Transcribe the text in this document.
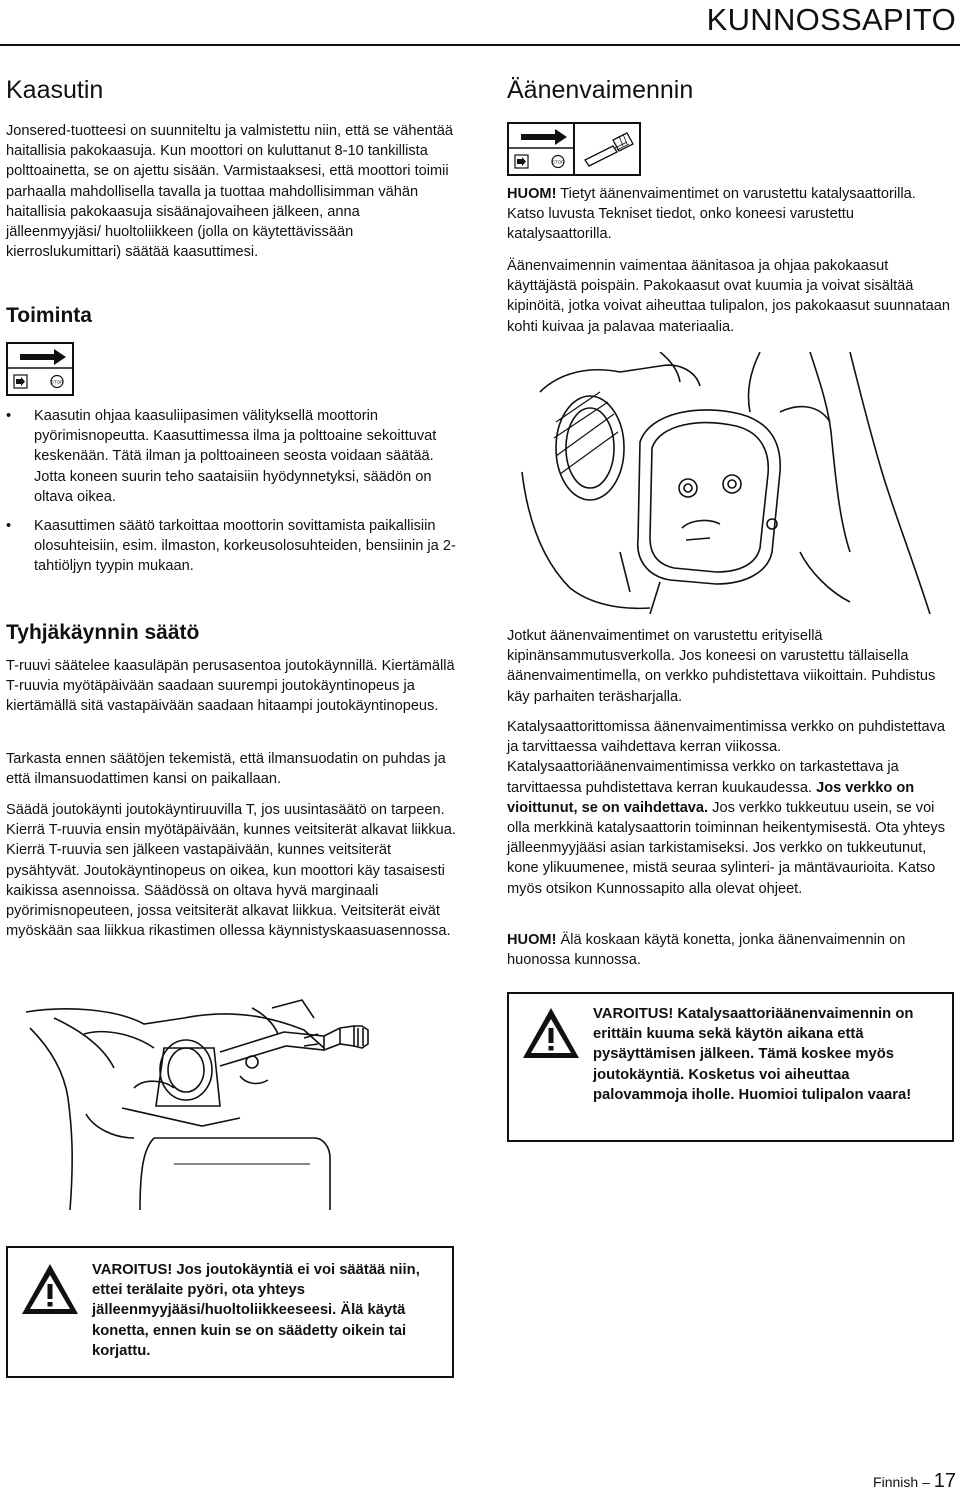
KUNNOSSAPITO
Kaasutin

Jonsered-tuotteesi on suunniteltu ja valmistettu niin, että se vähentää haitallisia pakokaasuja. Kun moottori on kuluttanut 8-10 tankillista polttoainetta, se on ajettu sisään. Varmistaaksesi, että moottori toimii parhaalla mahdollisella tavalla ja tuottaa mahdollisimman vähän haitallisia pakokaasuja sisäänajovaiheen jälkeen, anna jälleenmyyjäsi/ huoltoliikkeen (jolla on käytettävissään kierroslukumittari) säätää kaasuttimesi.

Toiminta
STOP
• Kaasutin ohjaa kaasuliipasimen välityksellä moottorin pyörimisnopeutta. Kaasuttimessa ilma ja polttoaine sekoittuvat keskenään. Tätä ilman ja polttoaineen seosta voidaan säätää. Jotta koneen suurin teho saataisiin hyödynnetyksi, säädön on oltava oikea.
• Kaasuttimen säätö tarkoittaa moottorin sovittamista paikallisiin olosuhteisiin, esim. ilmaston, korkeusolosuhteiden, bensiinin ja 2-tahtiöljyn tyypin mukaan.
Tyhjäkäynnin säätö

T-ruuvi säätelee kaasuläpän perusasentoa joutokäynnillä. Kiertämällä T-ruuvia myötäpäivään saadaan suurempi joutokäyntinopeus ja kiertämällä sitä vastapäivään saadaan hitaampi joutokäyntinopeus.

Tarkasta ennen säätöjen tekemistä, että ilmansuodatin on puhdas ja että ilmansuodattimen kansi on paikallaan.

Säädä joutokäynti joutokäyntiruuvilla T, jos uusintasäätö on tarpeen. Kierrä T-ruuvia ensin myötäpäivään, kunnes veitsiterät alkavat liikkua. Kierrä T-ruuvia sen jälkeen vastapäivään, kunnes veitsiterät pysähtyvät. Joutokäyntinopeus on oikea, kun moottori käy tasaisesti kaikissa asennoissa. Säädössä on oltava hyvä marginaali pyörimisnopeuteen, jossa veitsiterät alkavat liikkua. Veitsiterät eivät myöskään saa liikkua rikastimen ollessa käynnistyskaasuasennossa.

Äänenvaimennin
STOP

HUOM! Tietyt äänenvaimentimet on varustettu katalysaattorilla. Katso luvusta Tekniset tiedot, onko koneesi varustettu katalysaattorilla.

Äänenvaimennin vaimentaa äänitasoa ja ohjaa pakokaasut käyttäjästä poispäin. Pakokaasut ovat kuumia ja voivat sisältää kipinöitä, jotka voivat aiheuttaa tulipalon, jos pakokaasut suunnataan kohti kuivaa ja palavaa materiaalia.

Jotkut äänenvaimentimet on varustettu erityisellä kipinänsammutusverkolla. Jos koneesi on varustettu tällaisella äänenvaimentimella, on verkko puhdistettava viikoittain. Puhdistus käy parhaiten teräsharjalla.

Katalysaattorittomissa äänenvaimentimissa verkko on puhdistettava ja tarvittaessa vaihdettava kerran viikossa. Katalysaattoriäänenvaimentimissa verkko on tarkastettava ja tarvittaessa puhdistettava kerran kuukaudessa. Jos verkko on vioittunut, se on vaihdettava. Jos verkko tukkeutuu usein, se voi olla merkkinä katalysaattorin toiminnan heikentymisestä. Ota yhteys jälleenmyyjääsi asian tarkistamiseksi. Jos verkko on tukkeutunut, kone ylikuumenee, mistä seuraa sylinteri- ja mäntävaurioita. Katso myös otsikon Kunnossapito alla olevat ohjeet.

HUOM! Älä koskaan käytä konetta, jonka äänenvaimennin on huonossa kunnossa.

VAROITUS! Katalysaattoriäänenvaimennin on erittäin kuuma sekä käytön aikana että pysäyttämisen jälkeen. Tämä koskee myös joutokäyntiä. Kosketus voi aiheuttaa palovammoja iholle. Huomioi tulipalon vaara!
VAROITUS! Jos joutokäyntiä ei voi säätää niin, ettei terälaite pyöri, ota yhteys jälleenmyyjääsi/huoltoliikkeeseesi. Älä käytä konetta, ennen kuin se on säädetty oikein tai korjattu.
Finnish – 17
